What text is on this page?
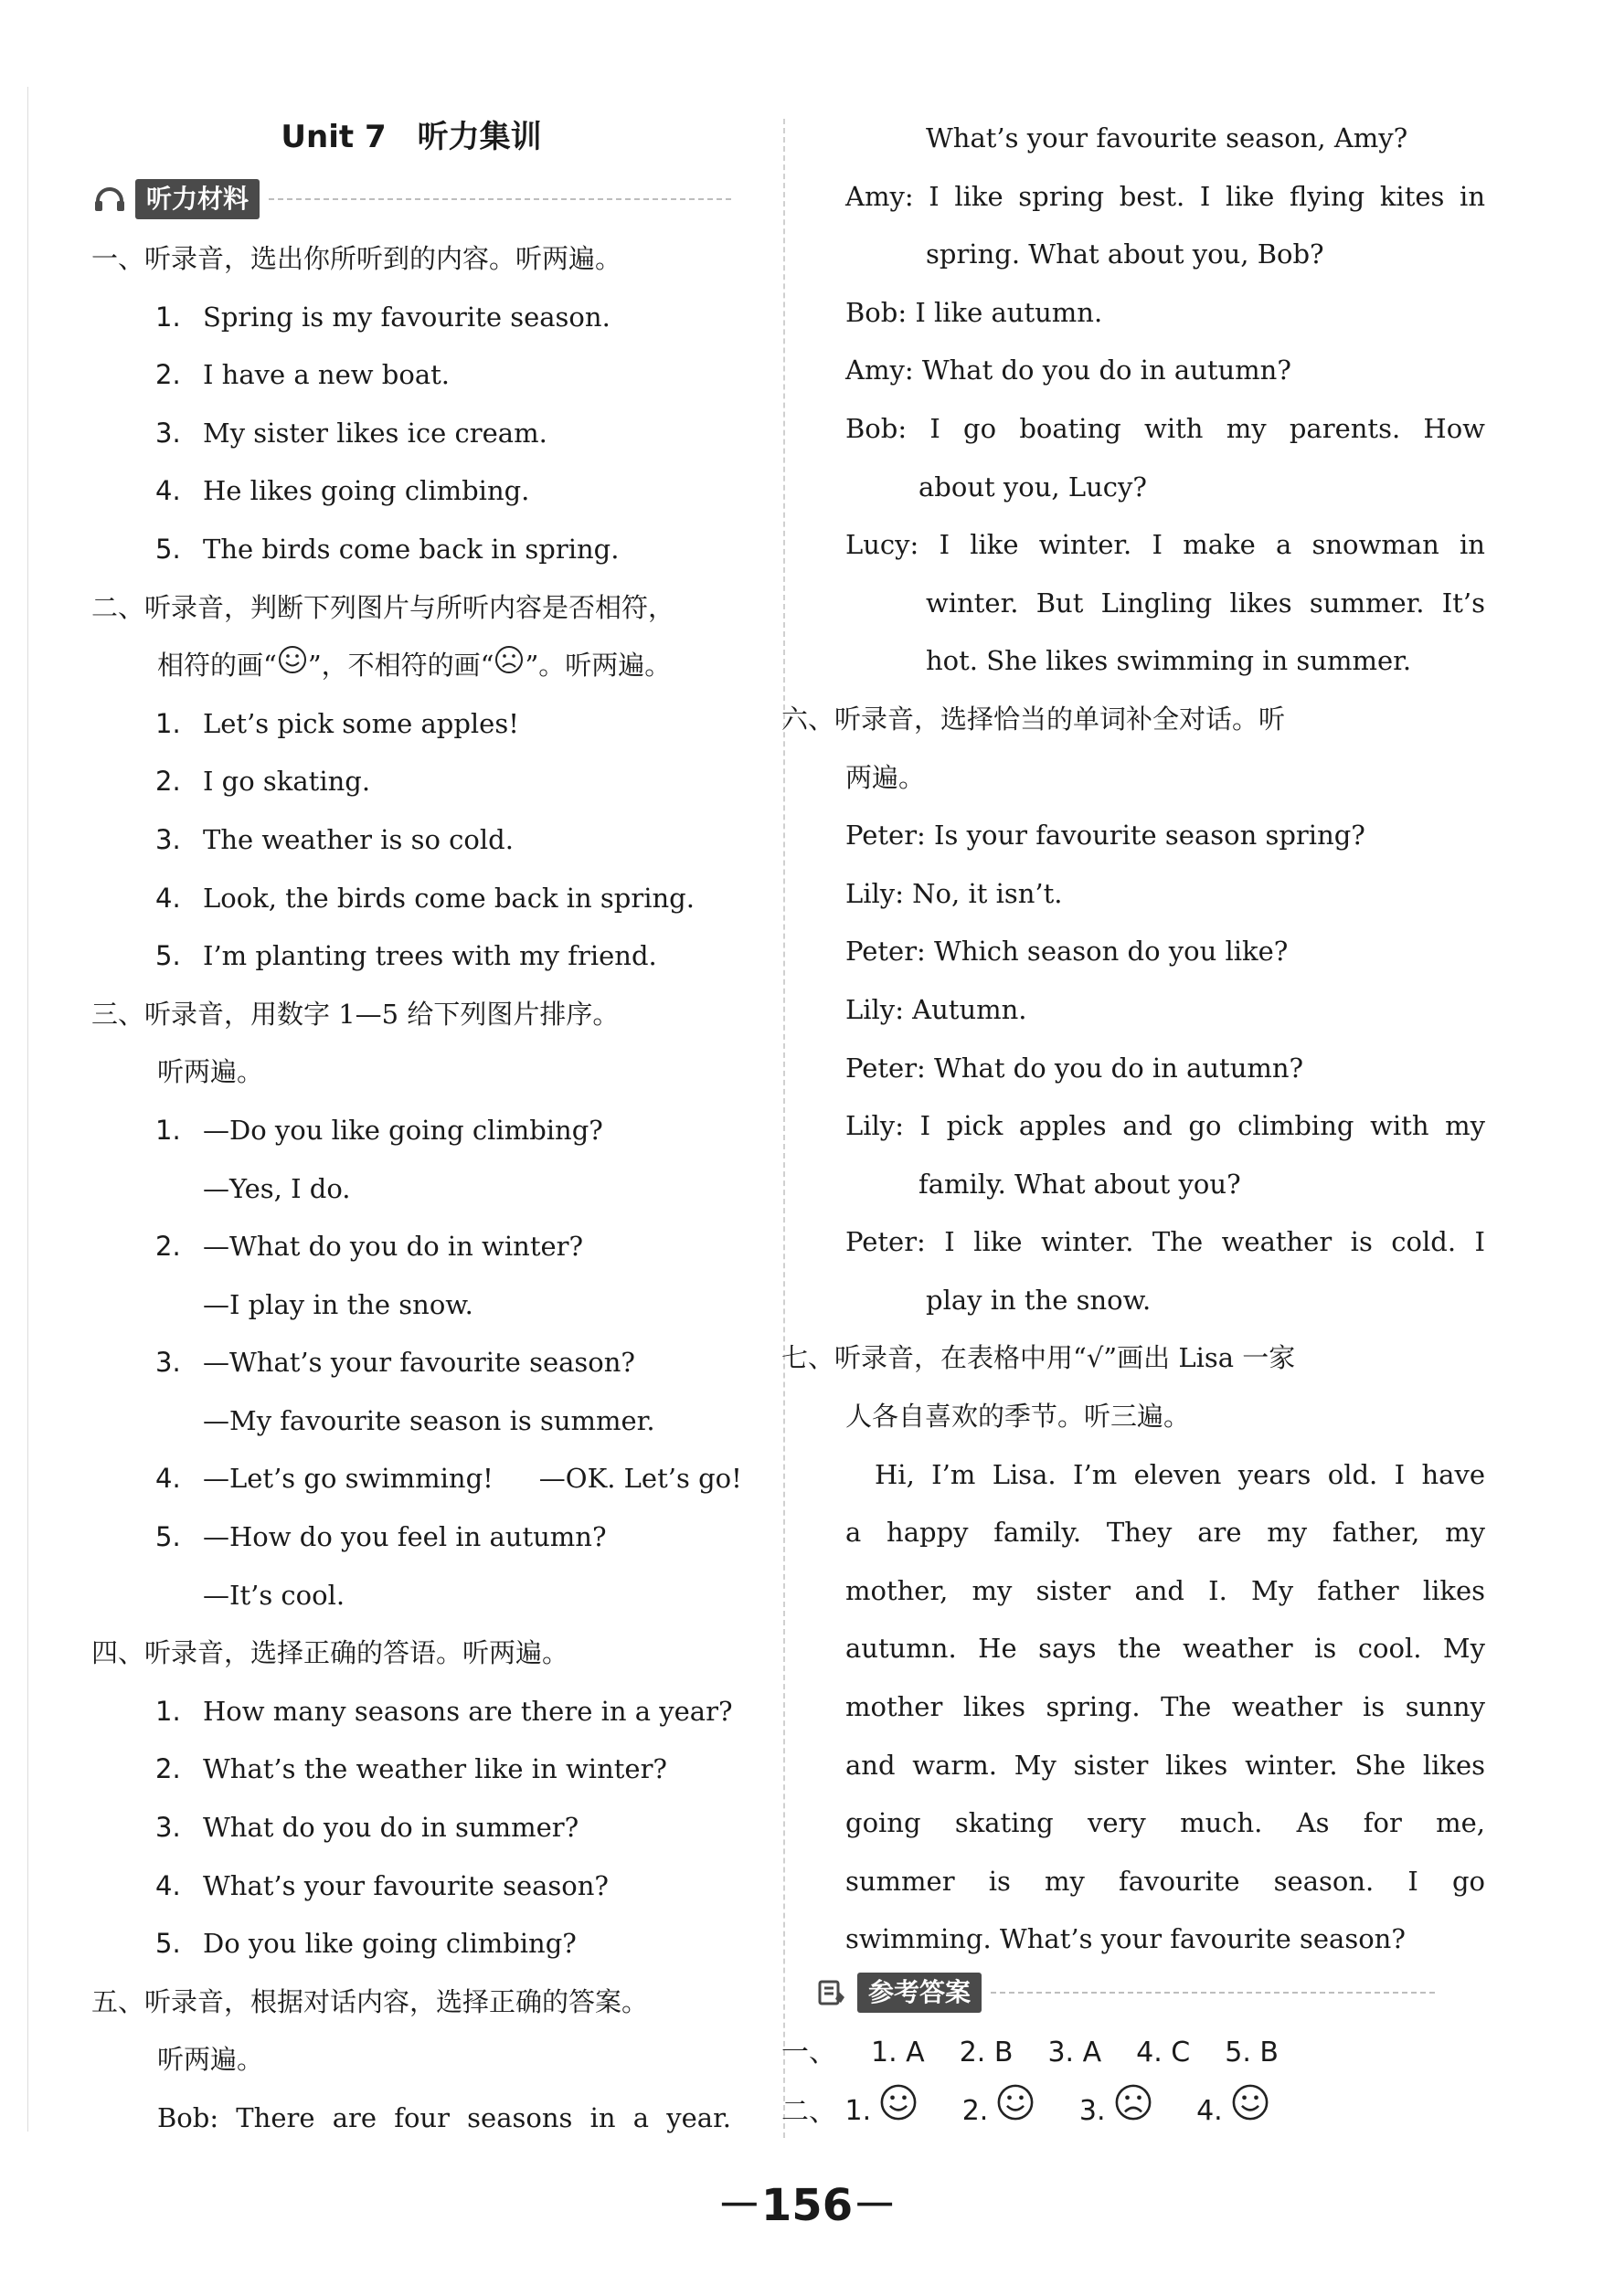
Unit 7　听力集训
听力材料
一、听录音，选出你所听到的内容。听两遍。
1. Spring is my favourite season.
2. I have a new boat.
3. My sister likes ice cream.
4. He likes going climbing.
5. The birds come back in spring.
二、听录音，判断下列图片与所听内容是否相符，
相符的画“ ”，不相符的画“ ”。听两遍。
1. Let’s pick some apples!
2. I go skating.
3. The weather is so cold.
4. Look, the birds come back in spring.
5. I’m planting trees with my friend.
三、听录音，用数字 1—5 给下列图片排序。
听两遍。
1. —Do you like going climbing?
—Yes, I do.
2. —What do you do in winter?
—I play in the snow.
3. —What’s your favourite season?
—My favourite season is summer.
4. —Let’s go swimming! —OK. Let’s go!
5. —How do you feel in autumn?
—It’s cool.
四、听录音，选择正确的答语。听两遍。
1. How many seasons are there in a year?
2. What’s the weather like in winter?
3. What do you do in summer?
4. What’s your favourite season?
5. Do you like going climbing?
五、听录音，根据对话内容，选择正确的答案。
听两遍。
Bob: There are four seasons in a year.
What’s your favourite season, Amy?
Amy: I like spring best. I like flying kites in
spring. What about you, Bob?
Bob: I like autumn.
Amy: What do you do in autumn?
Bob: I go boating with my parents. How
about you, Lucy?
Lucy: I like winter. I make a snowman in
winter. But Lingling likes summer. It’s
hot. She likes swimming in summer.
六、听录音，选择恰当的单词补全对话。听
两遍。
Peter: Is your favourite season spring?
Lily: No, it isn’t.
Peter: Which season do you like?
Lily: Autumn.
Peter: What do you do in autumn?
Lily: I pick apples and go climbing with my
family. What about you?
Peter: I like winter. The weather is cold. I
play in the snow.
七、听录音，在表格中用“√”画出 Lisa 一家
人各自喜欢的季节。听三遍。
Hi, I’m Lisa. I’m eleven years old. I have
a happy family. They are my father, my
mother, my sister and I. My father likes
autumn. He says the weather is cool. My
mother likes spring. The weather is sunny
and warm. My sister likes winter. She likes
going skating very much. As for me,
summer is my favourite season. I go
swimming. What’s your favourite season?
参考答案
一、 1. A 2. B 3. A 4. C 5. B
二、 1.	2.	3.	4.
－156－
